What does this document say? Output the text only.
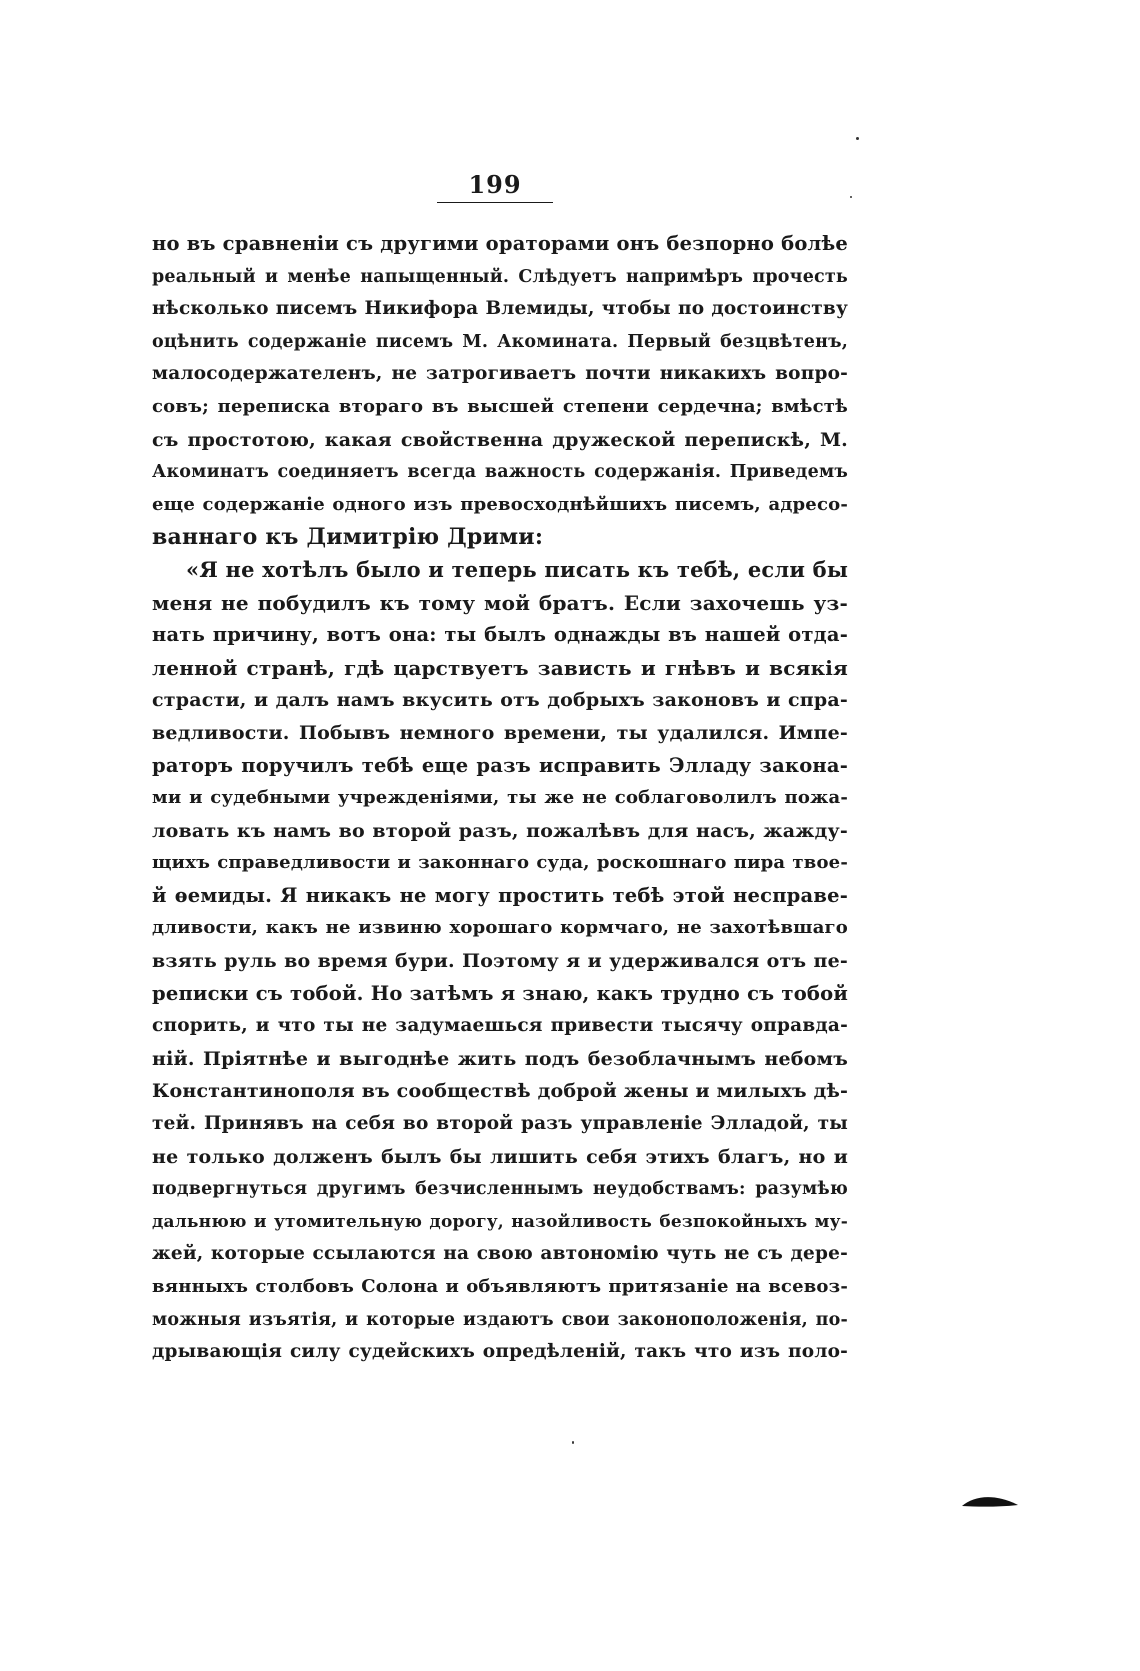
199
но въ сравненіи съ другими ораторами онъ безпорно болѣе
реальный и менѣе напыщенный. Слѣдуетъ напримѣръ прочесть
нѣсколько писемъ Никифора Влемиды, чтобы по достоинству
оцѣнить содержаніе писемъ М. Акомината. Первый безцвѣтенъ,
малосодержателенъ, не затрогиваетъ почти никакихъ вопро-
совъ; переписка втораго въ высшей степени сердечна; вмѣстѣ
съ простотою, какая свойственна дружеской перепискѣ, М.
Акоминатъ соединяетъ всегда важность содержанія. Приведемъ
еще содержаніе одного изъ превосходнѣйшихъ писемъ, адресо-
ваннаго къ Димитрію Дрими:
«Я не хотѣлъ было и теперь писать къ тебѣ, если бы
меня не побудилъ къ тому мой братъ. Если захочешь уз-
нать причину, вотъ она: ты былъ однажды въ нашей отда-
ленной странѣ, гдѣ царствуетъ зависть и гнѣвъ и всякія
страсти, и далъ намъ вкусить отъ добрыхъ законовъ и спра-
ведливости. Побывъ немного времени, ты удалился. Импе-
раторъ поручилъ тебѣ еще разъ исправить Элладу закона-
ми и судебными учрежденіями, ты же не соблаговолилъ пожа-
ловать къ намъ во второй разъ, пожалѣвъ для насъ, жажду-
щихъ справедливости и законнаго суда, роскошнаго пира твое-
й ѳемиды. Я никакъ не могу простить тебѣ этой несправе-
дливости, какъ не извиню хорошаго кормчаго, не захотѣвшаго
взять руль во время бури. Поэтому я и удерживался отъ пе-
реписки съ тобой. Но затѣмъ я знаю, какъ трудно съ тобой
спорить, и что ты не задумаешься привести тысячу оправда-
ній. Пріятнѣе и выгоднѣе жить подъ безоблачнымъ небомъ
Константинополя въ сообществѣ доброй жены и милыхъ дѣ-
тей. Принявъ на себя во второй разъ управленіе Элладой, ты
не только долженъ былъ бы лишить себя этихъ благъ, но и
подвергнуться другимъ безчисленнымъ неудобствамъ: разумѣю
дальнюю и утомительную дорогу, назойливость безпокойныхъ му-
жей, которые ссылаются на свою автономію чуть не съ дере-
вянныхъ столбовъ Солона и объявляютъ притязаніе на всевоз-
можныя изъятія, и которые издаютъ свои законоположенія, по-
дрывающія силу судейскихъ опредѣленій, такъ что изъ поло-
